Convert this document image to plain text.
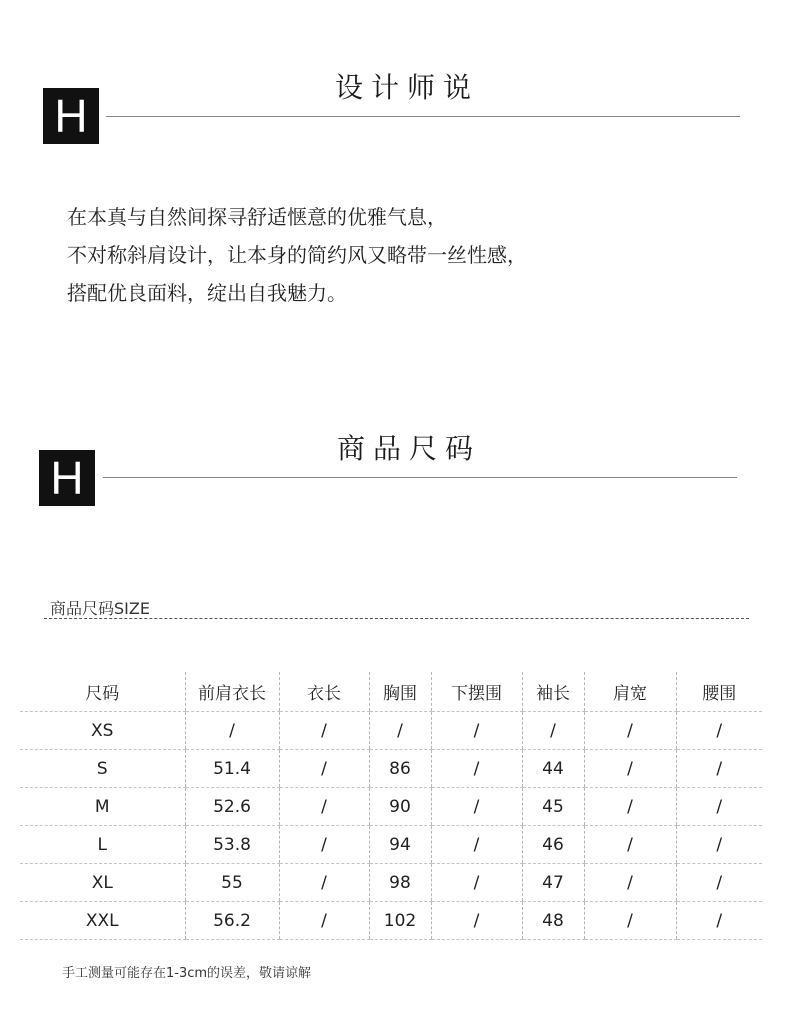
H
设计师说
在本真与自然间探寻舒适惬意的优雅气息，
不对称斜肩设计，让本身的简约风又略带一丝性感，
搭配优良面料，绽出自我魅力。
H
商品尺码
商品尺码SIZE
尺码	前肩衣长	衣长	胸围	下摆围	袖长	肩宽	腰围
XS	/	/	/	/	/	/	/
S	51.4	/	86	/	44	/	/
M	52.6	/	90	/	45	/	/
L	53.8	/	94	/	46	/	/
XL	55	/	98	/	47	/	/
XXL	56.2	/	102	/	48	/	/
手工测量可能存在1-3cm的误差，敬请谅解
